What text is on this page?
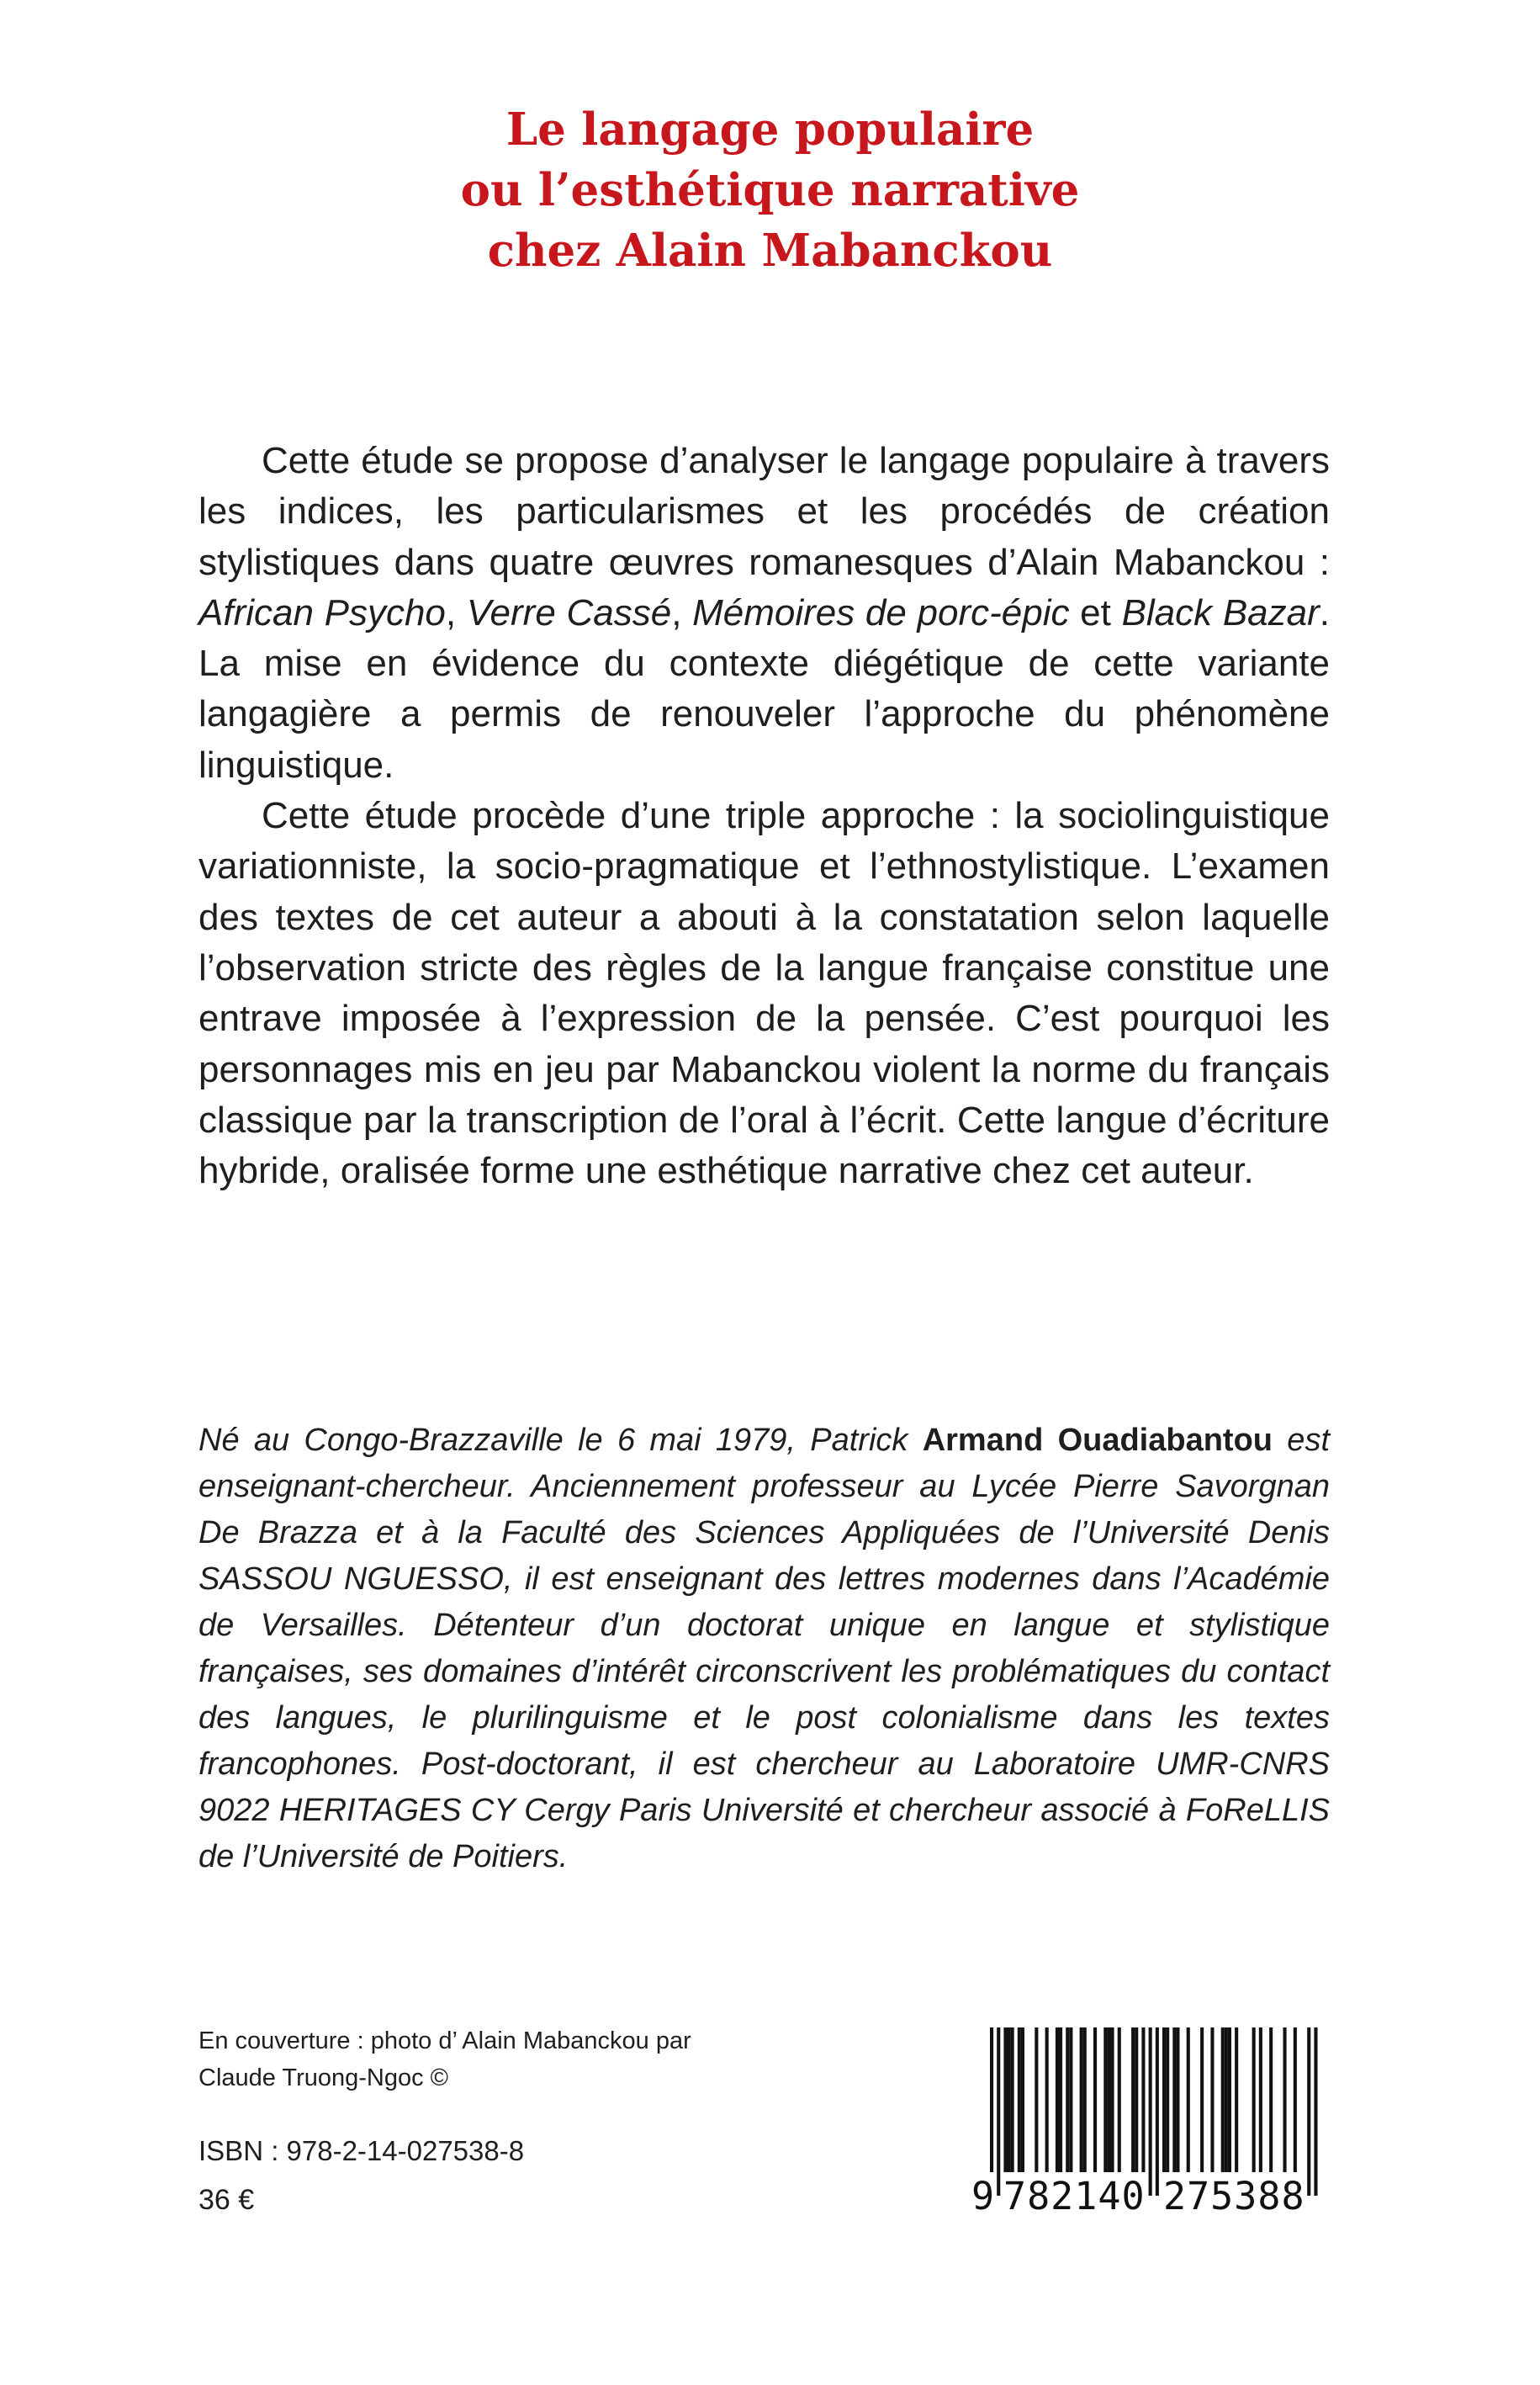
Le langage populaire
ou l’esthétique narrative
chez Alain Mabanckou

Cette étude se propose d’analyser le langage populaire à travers les indices, les particularismes et les procédés de création stylistiques dans quatre œuvres romanesques d’Alain Mabanckou : African Psycho, Verre Cassé, Mémoires de porc-épic et Black Bazar. La mise en évidence du contexte diégétique de cette variante langagière a permis de renouveler l’approche du phénomène linguistique.

Cette étude procède d’une triple approche : la sociolinguistique variationniste, la socio-pragmatique et l’ethnostylistique. L’examen des textes de cet auteur a abouti à la constatation selon laquelle l’observation stricte des règles de la langue française constitue une entrave imposée à l’expression de la pensée. C’est pourquoi les personnages mis en jeu par Mabanckou violent la norme du français classique par la transcription de l’oral à l’écrit. Cette langue d’écriture hybride, oralisée forme une esthétique narrative chez cet auteur.

Né au Congo-Brazzaville le 6 mai 1979, Patrick Armand Ouadiabantou est enseignant-chercheur. Anciennement professeur au Lycée Pierre Savorgnan De Brazza et à la Faculté des Sciences Appliquées de l’Université Denis SASSOU NGUESSO, il est enseignant des lettres modernes dans l’Académie de Versailles. Détenteur d’un doctorat unique en langue et stylistique françaises, ses domaines d’intérêt circonscrivent les problématiques du contact des langues, le plurilinguisme et le post colonialisme dans les textes francophones. Post-doctorant, il est chercheur au Laboratoire UMR-CNRS 9022 HERITAGES CY Cergy Paris Université et chercheur associé à FoReLLIS de l’Université de Poitiers.

En couverture : photo d’ Alain Mabanckou par
Claude Truong-Ngoc ©
ISBN : 978-2-14-027538-8
36 €	9 782140 275388
